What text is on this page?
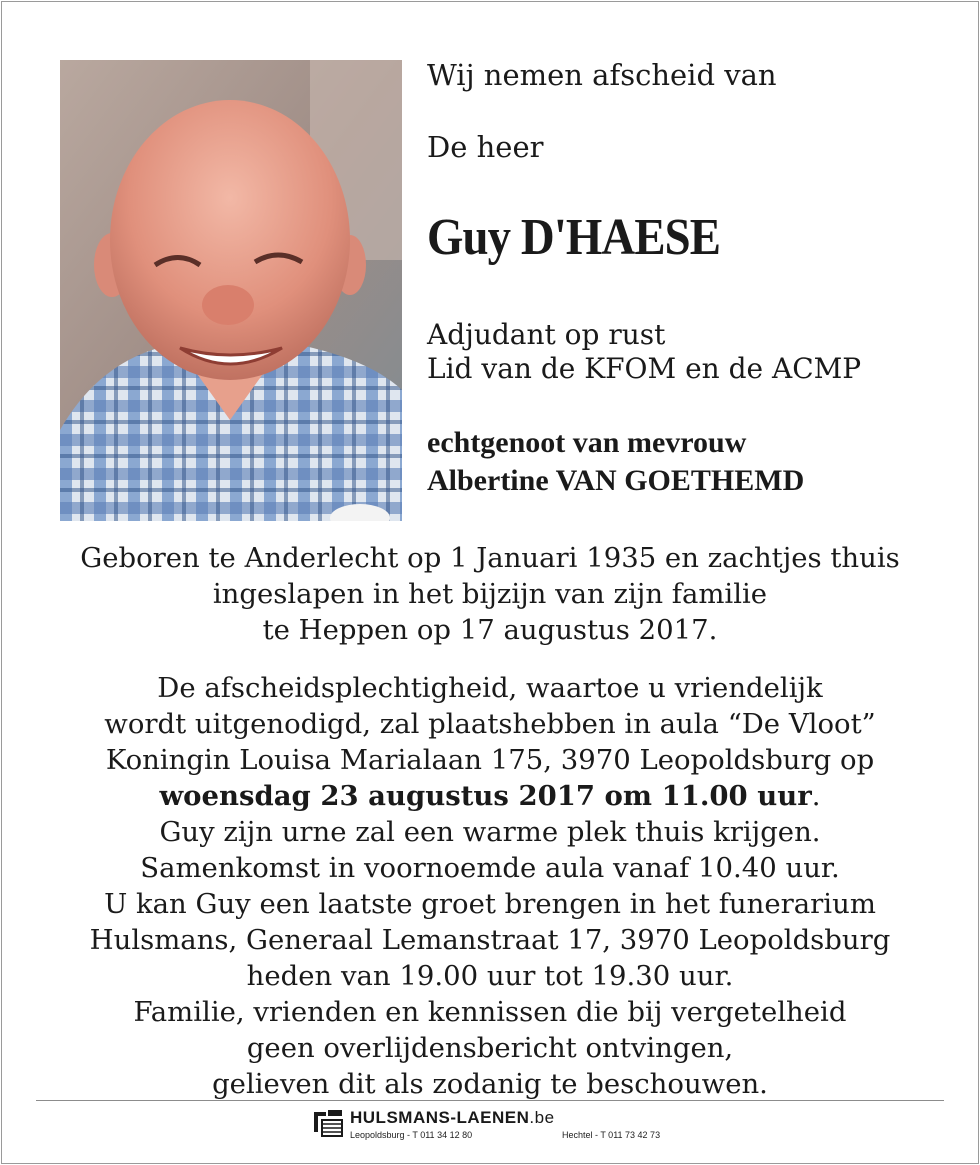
Wij nemen afscheid van
De heer
Guy D'HAESE
Adjudant op rust
Lid van de KFOM en de ACMP
echtgenoot van mevrouw
Albertine VAN GOETHEMD
Geboren te Anderlecht op 1 Januari 1935 en zachtjes thuis
ingeslapen in het bijzijn van zijn familie
te Heppen op 17 augustus 2017.
De afscheidsplechtigheid, waartoe u vriendelijk
wordt uitgenodigd, zal plaatshebben in aula “De Vloot”
Koningin Louisa Marialaan 175, 3970 Leopoldsburg op
woensdag 23 augustus 2017 om 11.00 uur.
Guy zijn urne zal een warme plek thuis krijgen.
Samenkomst in voornoemde aula vanaf 10.40 uur.
U kan Guy een laatste groet brengen in het funerarium
Hulsmans, Generaal Lemanstraat 17, 3970 Leopoldsburg
heden van 19.00 uur tot 19.30 uur.
Familie, vrienden en kennissen die bij vergetelheid
geen overlijdensbericht ontvingen,
gelieven dit als zodanig te beschouwen.
HULSMANS-LAENEN.be
Leopoldsburg - T 011 34 12 80	Hechtel - T 011 73 42 73
